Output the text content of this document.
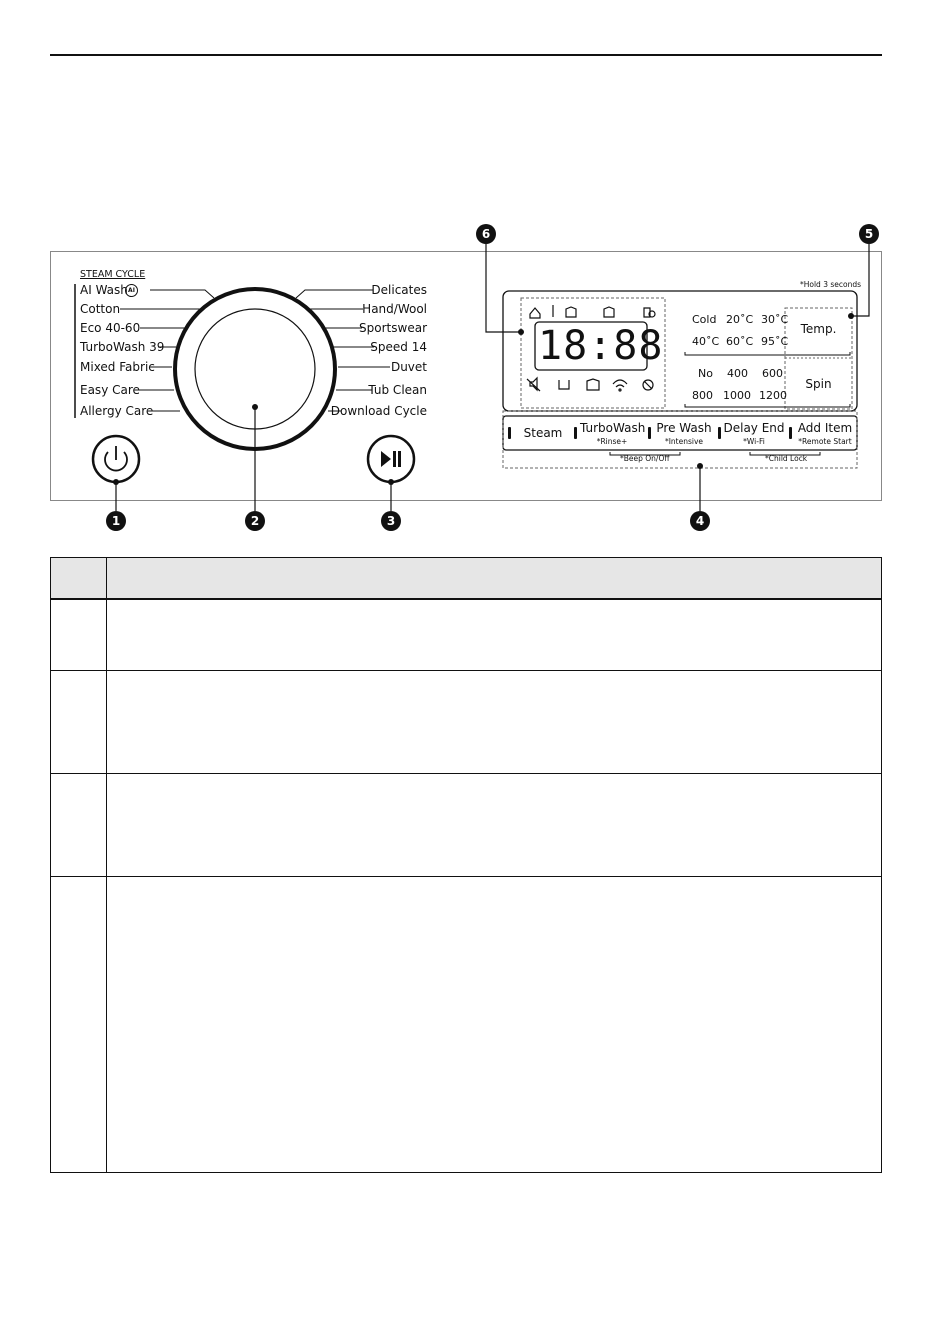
STEAM CYCLE
AI Wash AI
Cotton
Eco 40-60
TurboWash 39
Mixed Fabric
Easy Care
Allergy Care
Delicates
Hand/Wool
Sportswear
Speed 14
Duvet
Tub Clean
Download Cycle
18:88
*Hold 3 seconds
Cold 20˚C 30˚C
40˚C 60˚C 95˚C
Temp.
No 400 600
800 1000 1200
Spin
Steam	TurboWash
*Rinse+
Pre Wash
*Intensive
Delay End
*Wi-Fi
Add Item
*Remote Start
*Beep On/Off	*Child Lock
1	2	3	4
5
6
